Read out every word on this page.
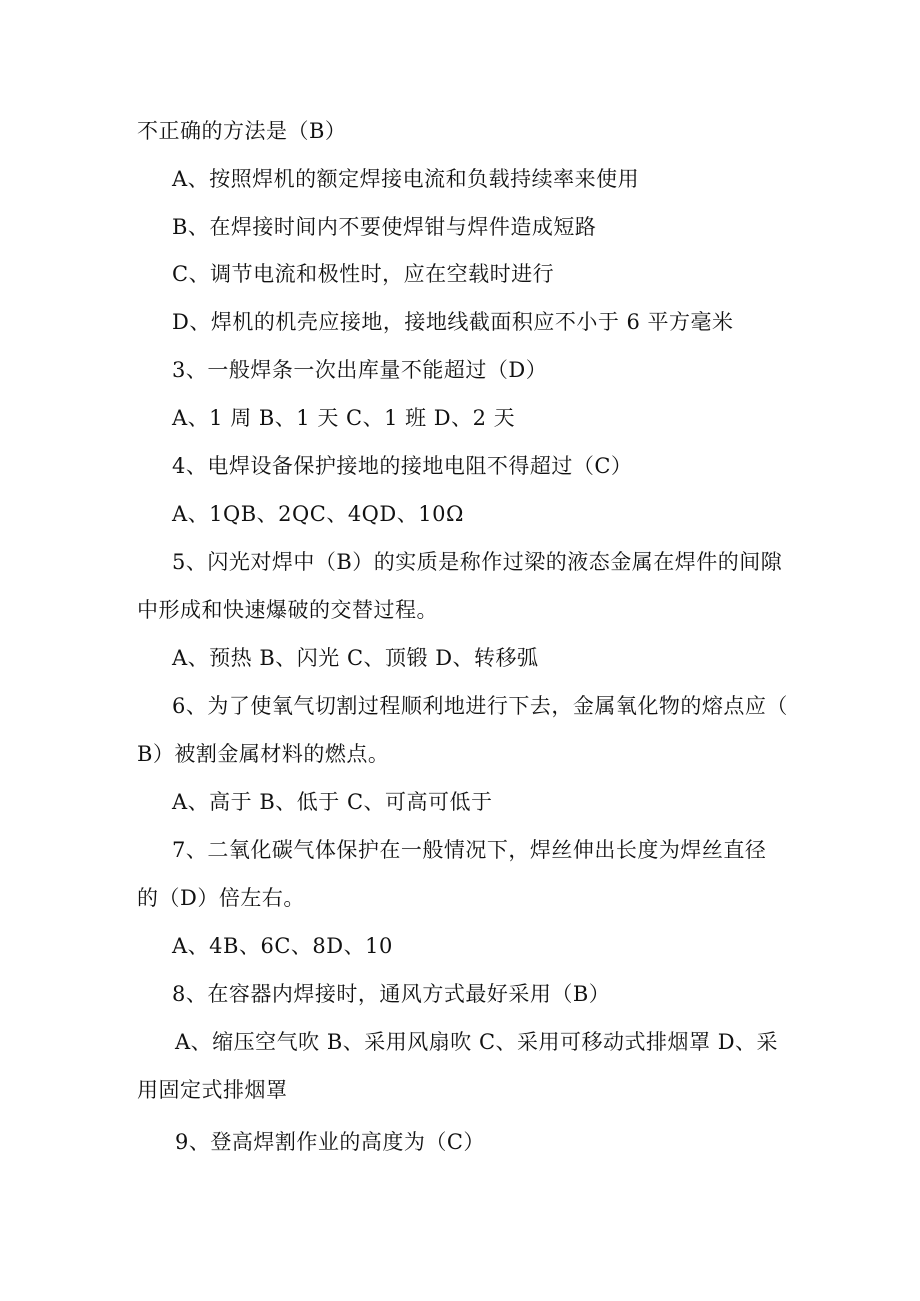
不正确的方法是（B）
A、按照焊机的额定焊接电流和负载持续率来使用
B、在焊接时间内不要使焊钳与焊件造成短路
C、调节电流和极性时，应在空载时进行
D、焊机的机壳应接地，接地线截面积应不小于 6 平方毫米
3、一般焊条一次出库量不能超过（D）
A、1 周 B、1 天 C、1 班 D、2 天
4、电焊设备保护接地的接地电阻不得超过（C）
A、1QB、2QC、4QD、10Ω
5、闪光对焊中（B）的实质是称作过梁的液态金属在焊件的间隙
中形成和快速爆破的交替过程。
A、预热 B、闪光 C、顶锻 D、转移弧
6、为了使氧气切割过程顺利地进行下去，金属氧化物的熔点应（
B）被割金属材料的燃点。
A、高于 B、低于 C、可高可低于
7、二氧化碳气体保护在一般情况下，焊丝伸出长度为焊丝直径
的（D）倍左右。
A、4B、6C、8D、10
8、在容器内焊接时，通风方式最好采用（B）
A、缩压空气吹 B、采用风扇吹 C、采用可移动式排烟罩 D、采
用固定式排烟罩
9、登高焊割作业的高度为（C）
